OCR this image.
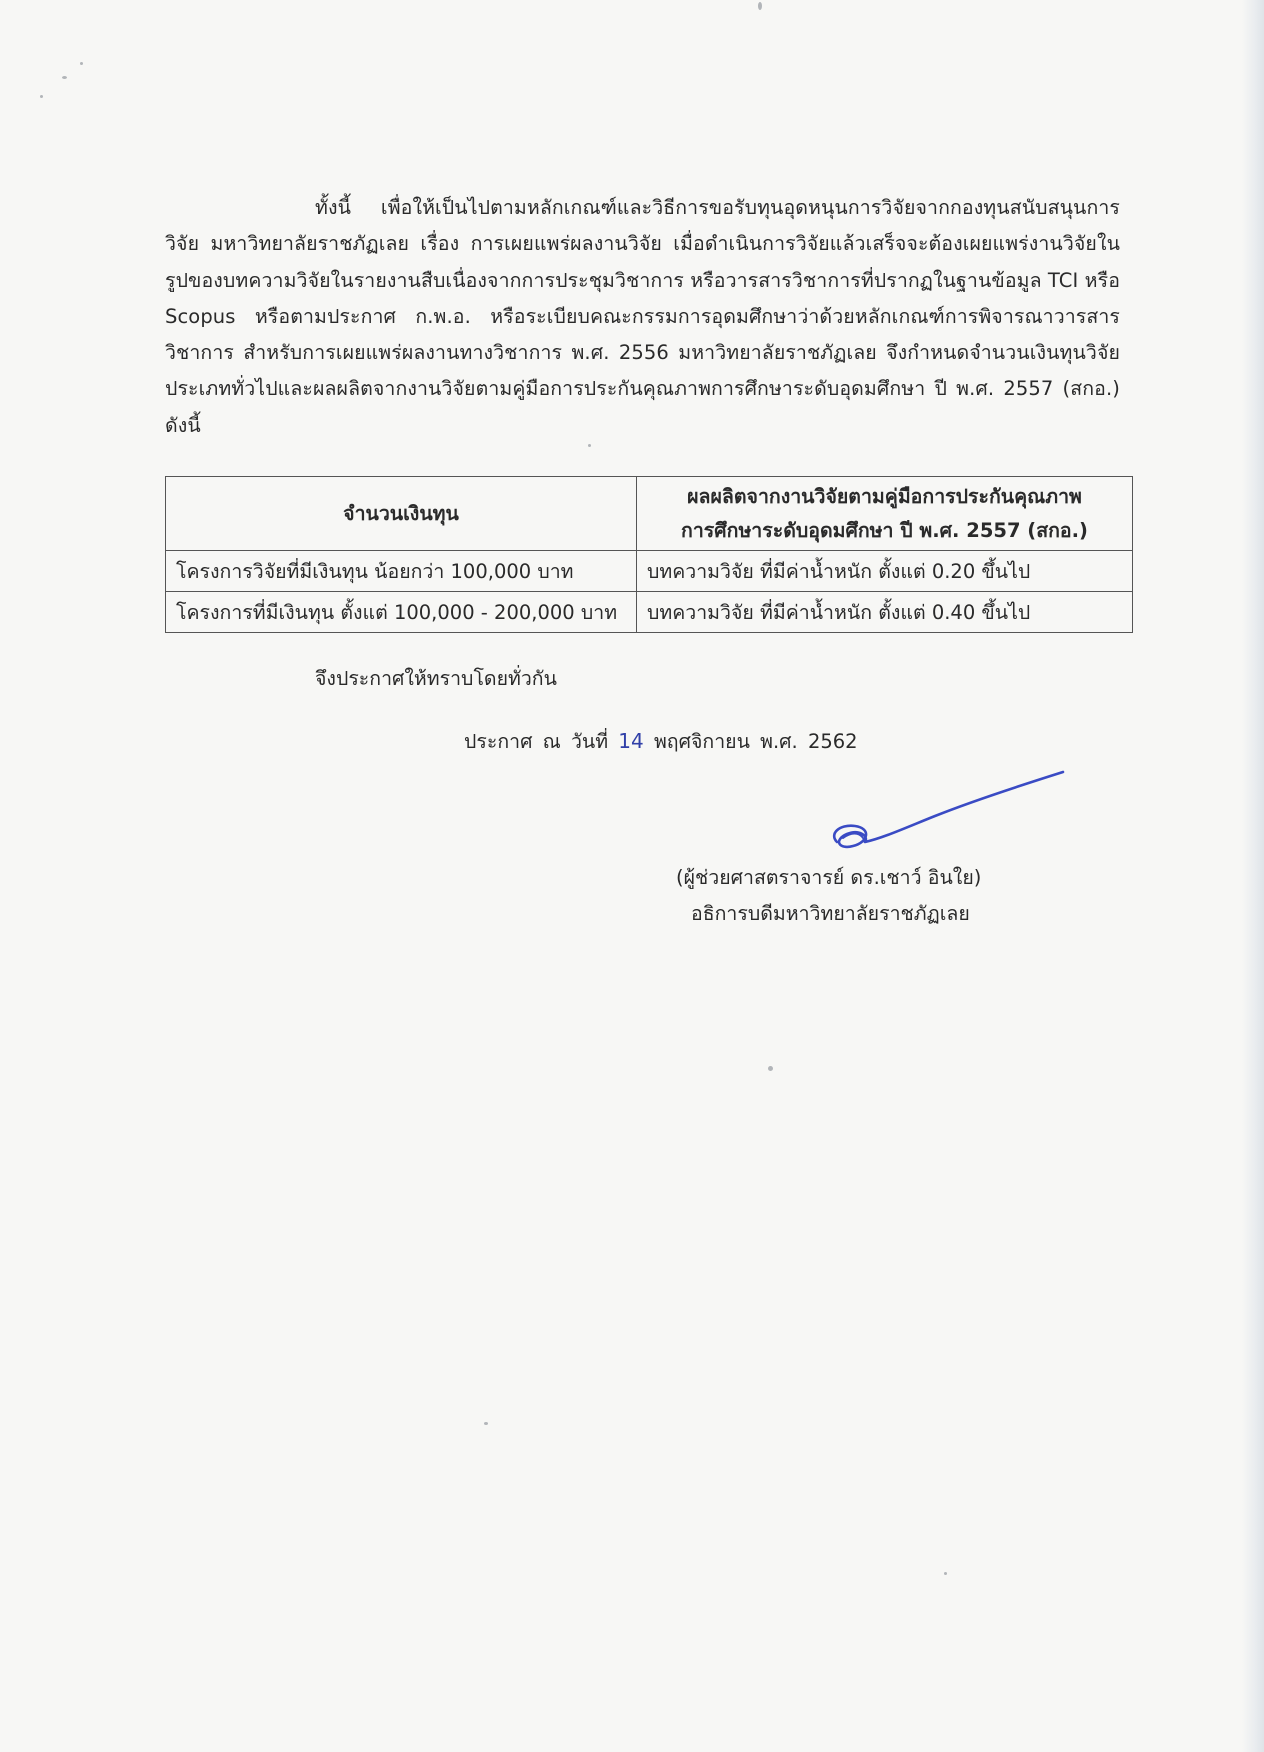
ทั้งนี้ เพื่อให้เป็นไปตามหลักเกณฑ์และวิธีการขอรับทุนอุดหนุนการวิจัยจากกองทุนสนับสนุนการวิจัย มหาวิทยาลัยราชภัฏเลย เรื่อง การเผยแพร่ผลงานวิจัย เมื่อดำเนินการวิจัยแล้วเสร็จจะต้องเผยแพร่งานวิจัยในรูปของบทความวิจัยในรายงานสืบเนื่องจากการประชุมวิชาการ หรือวารสารวิชาการที่ปรากฏในฐานข้อมูล TCI หรือ Scopus หรือตามประกาศ ก.พ.อ. หรือระเบียบคณะกรรมการอุดมศึกษาว่าด้วยหลักเกณฑ์การพิจารณาวารสารวิชาการ สำหรับการเผยแพร่ผลงานทางวิชาการ พ.ศ. 2556 มหาวิทยาลัยราชภัฏเลย จึงกำหนดจำนวนเงินทุนวิจัยประเภททั่วไปและผลผลิตจากงานวิจัยตามคู่มือการประกันคุณภาพการศึกษาระดับอุดมศึกษา ปี พ.ศ. 2557 (สกอ.) ดังนี้

จำนวนเงินทุน	ผลผลิตจากงานวิจัยตามคู่มือการประกันคุณภาพ
การศึกษาระดับอุดมศึกษา ปี พ.ศ. 2557 (สกอ.)
โครงการวิจัยที่มีเงินทุน น้อยกว่า 100,000 บาท	บทความวิจัย ที่มีค่าน้ำหนัก ตั้งแต่ 0.20 ขึ้นไป
โครงการที่มีเงินทุน ตั้งแต่ 100,000 - 200,000 บาท	บทความวิจัย ที่มีค่าน้ำหนัก ตั้งแต่ 0.40 ขึ้นไป

จึงประกาศให้ทราบโดยทั่วกัน

ประกาศ ณ วันที่ 14 พฤศจิกายน พ.ศ. 2562

(ผู้ช่วยศาสตราจารย์ ดร.เชาว์ อินใย)

อธิการบดีมหาวิทยาลัยราชภัฏเลย
